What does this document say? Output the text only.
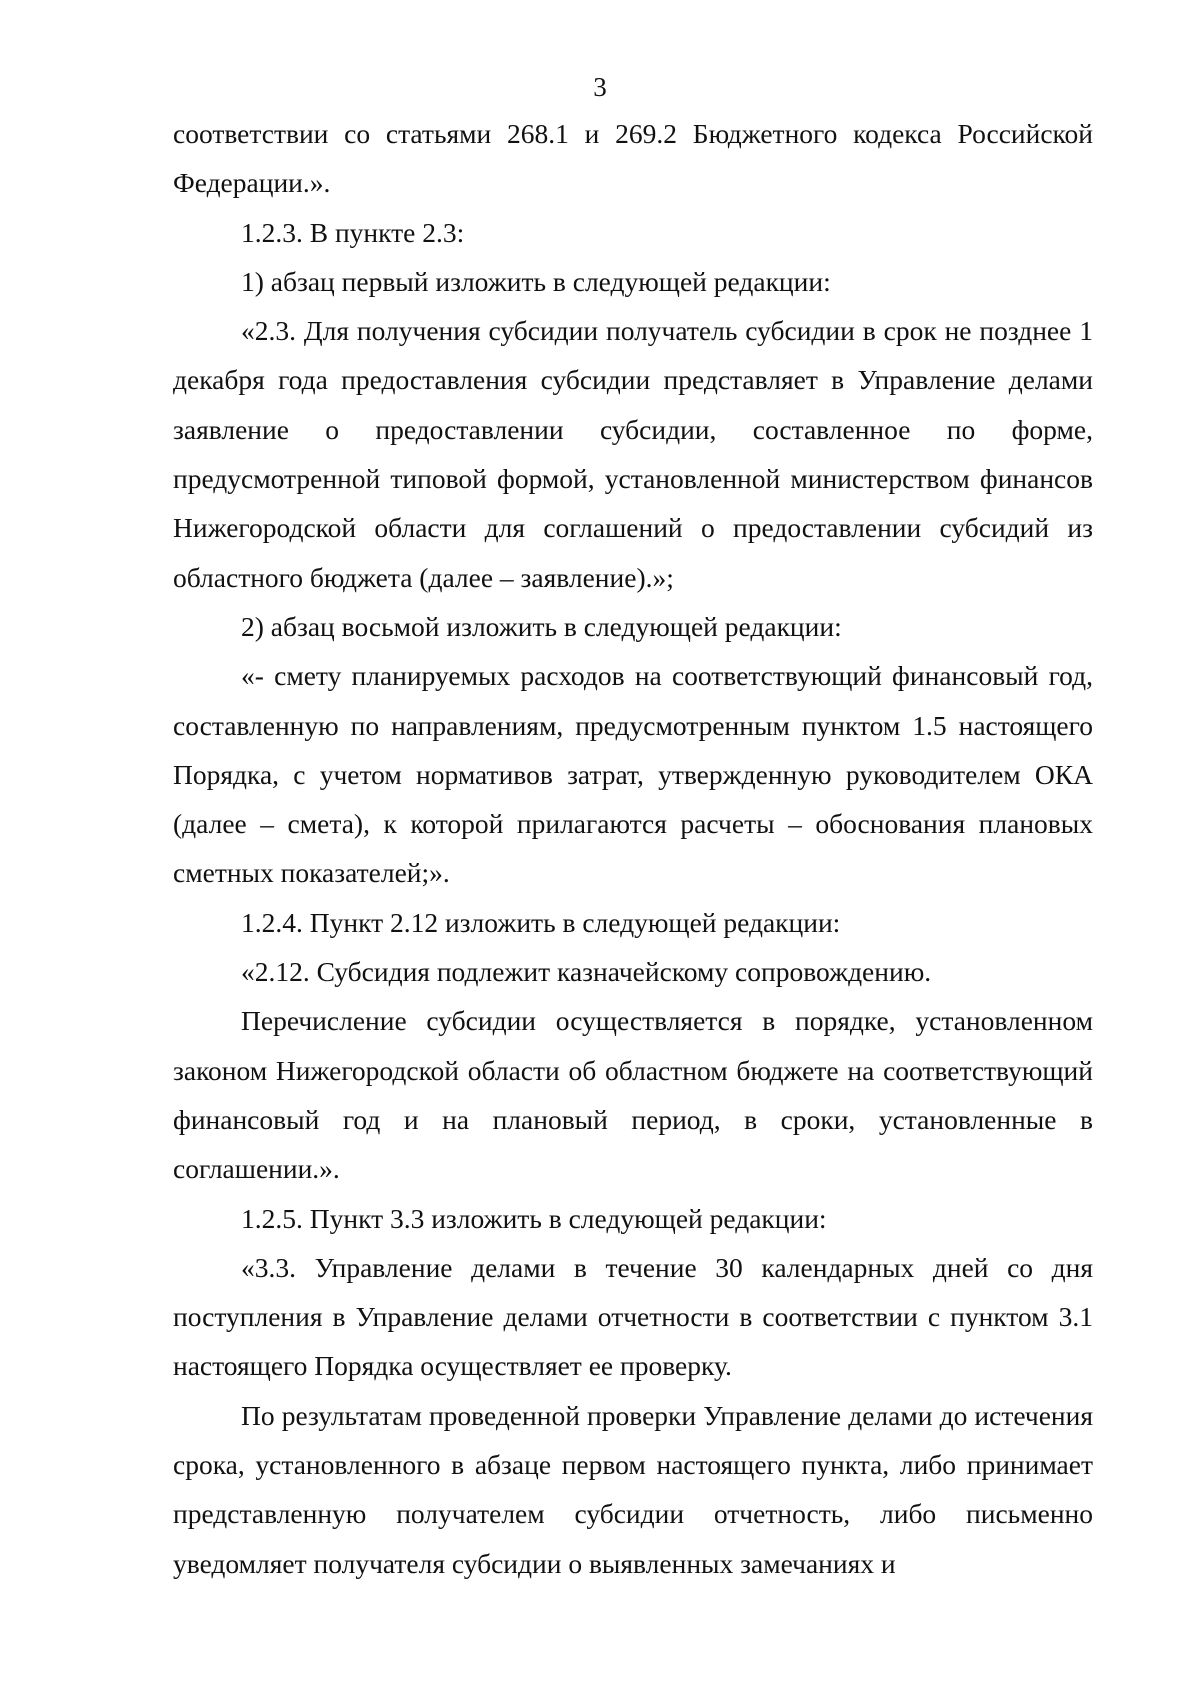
3

соответствии со статьями 268.1 и 269.2 Бюджетного кодекса Российской Федерации.».

1.2.3. В пункте 2.3:

1) абзац первый изложить в следующей редакции:

«2.3. Для получения субсидии получатель субсидии в срок не позднее 1 декабря года предоставления субсидии представляет в Управление делами заявление о предоставлении субсидии, составленное по форме, предусмотренной типовой формой, установленной министерством финансов Нижегородской области для соглашений о предоставлении субсидий из областного бюджета (далее – заявление).»;

2) абзац восьмой изложить в следующей редакции:

«- смету планируемых расходов на соответствующий финансовый год, составленную по направлениям, предусмотренным пунктом 1.5 настоящего Порядка, с учетом нормативов затрат, утвержденную руководителем ОКА (далее – смета), к которой прилагаются расчеты – обоснования плановых сметных показателей;».

1.2.4. Пункт 2.12 изложить в следующей редакции:

«2.12. Субсидия подлежит казначейскому сопровождению.

Перечисление субсидии осуществляется в порядке, установленном законом Нижегородской области об областном бюджете на соответствующий финансовый год и на плановый период, в сроки, установленные в соглашении.».

1.2.5. Пункт 3.3 изложить в следующей редакции:

«3.3. Управление делами в течение 30 календарных дней со дня поступления в Управление делами отчетности в соответствии с пунктом 3.1 настоящего Порядка осуществляет ее проверку.

По результатам проведенной проверки Управление делами до истечения срока, установленного в абзаце первом настоящего пункта, либо принимает представленную получателем субсидии отчетность, либо письменно уведомляет получателя субсидии о выявленных замечаниях и
